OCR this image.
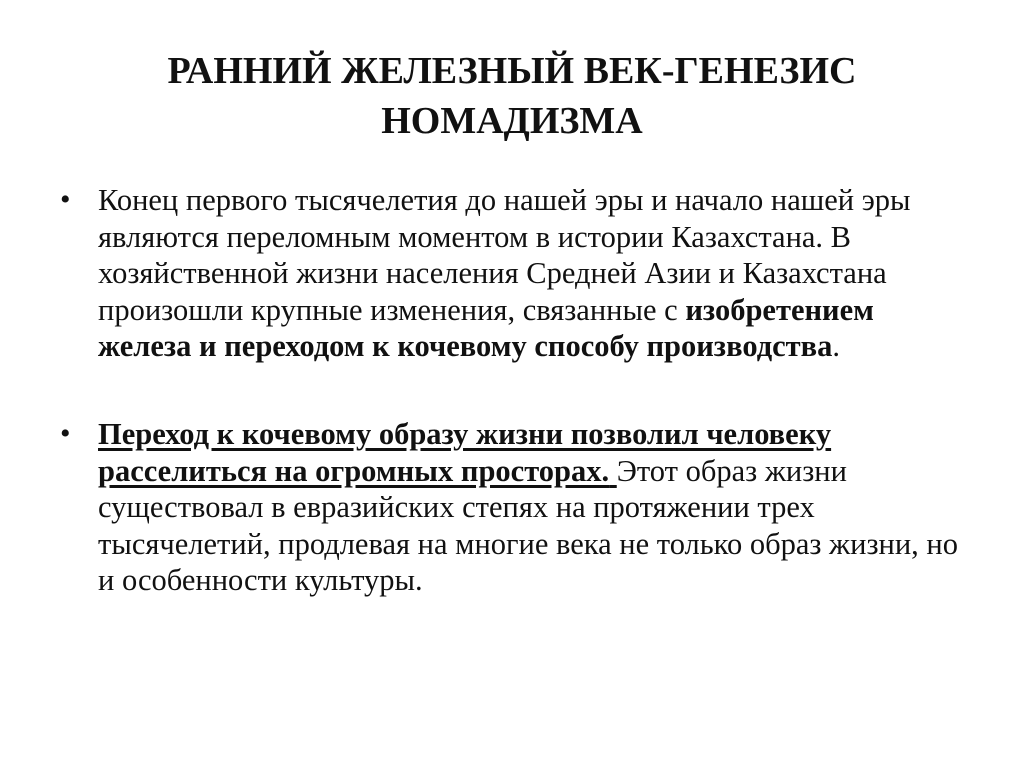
РАННИЙ ЖЕЛЕЗНЫЙ ВЕК-ГЕНЕЗИС
НОМАДИЗМА
• Конец первого тысячелетия до нашей эры и начало нашей эры являются переломным моментом в истории Казахстана. В хозяйственной жизни населения Средней Азии и Казахстана произошли крупные изменения, связанные с изобретением железа и переходом к кочевому способу производства.
• Переход к кочевому образу жизни позволил человеку расселиться на огромных просторах. Этот образ жизни существовал в евразийских степях на протяжении трех тысячелетий, продлевая на многие века не только образ жизни, но и особенности культуры.
